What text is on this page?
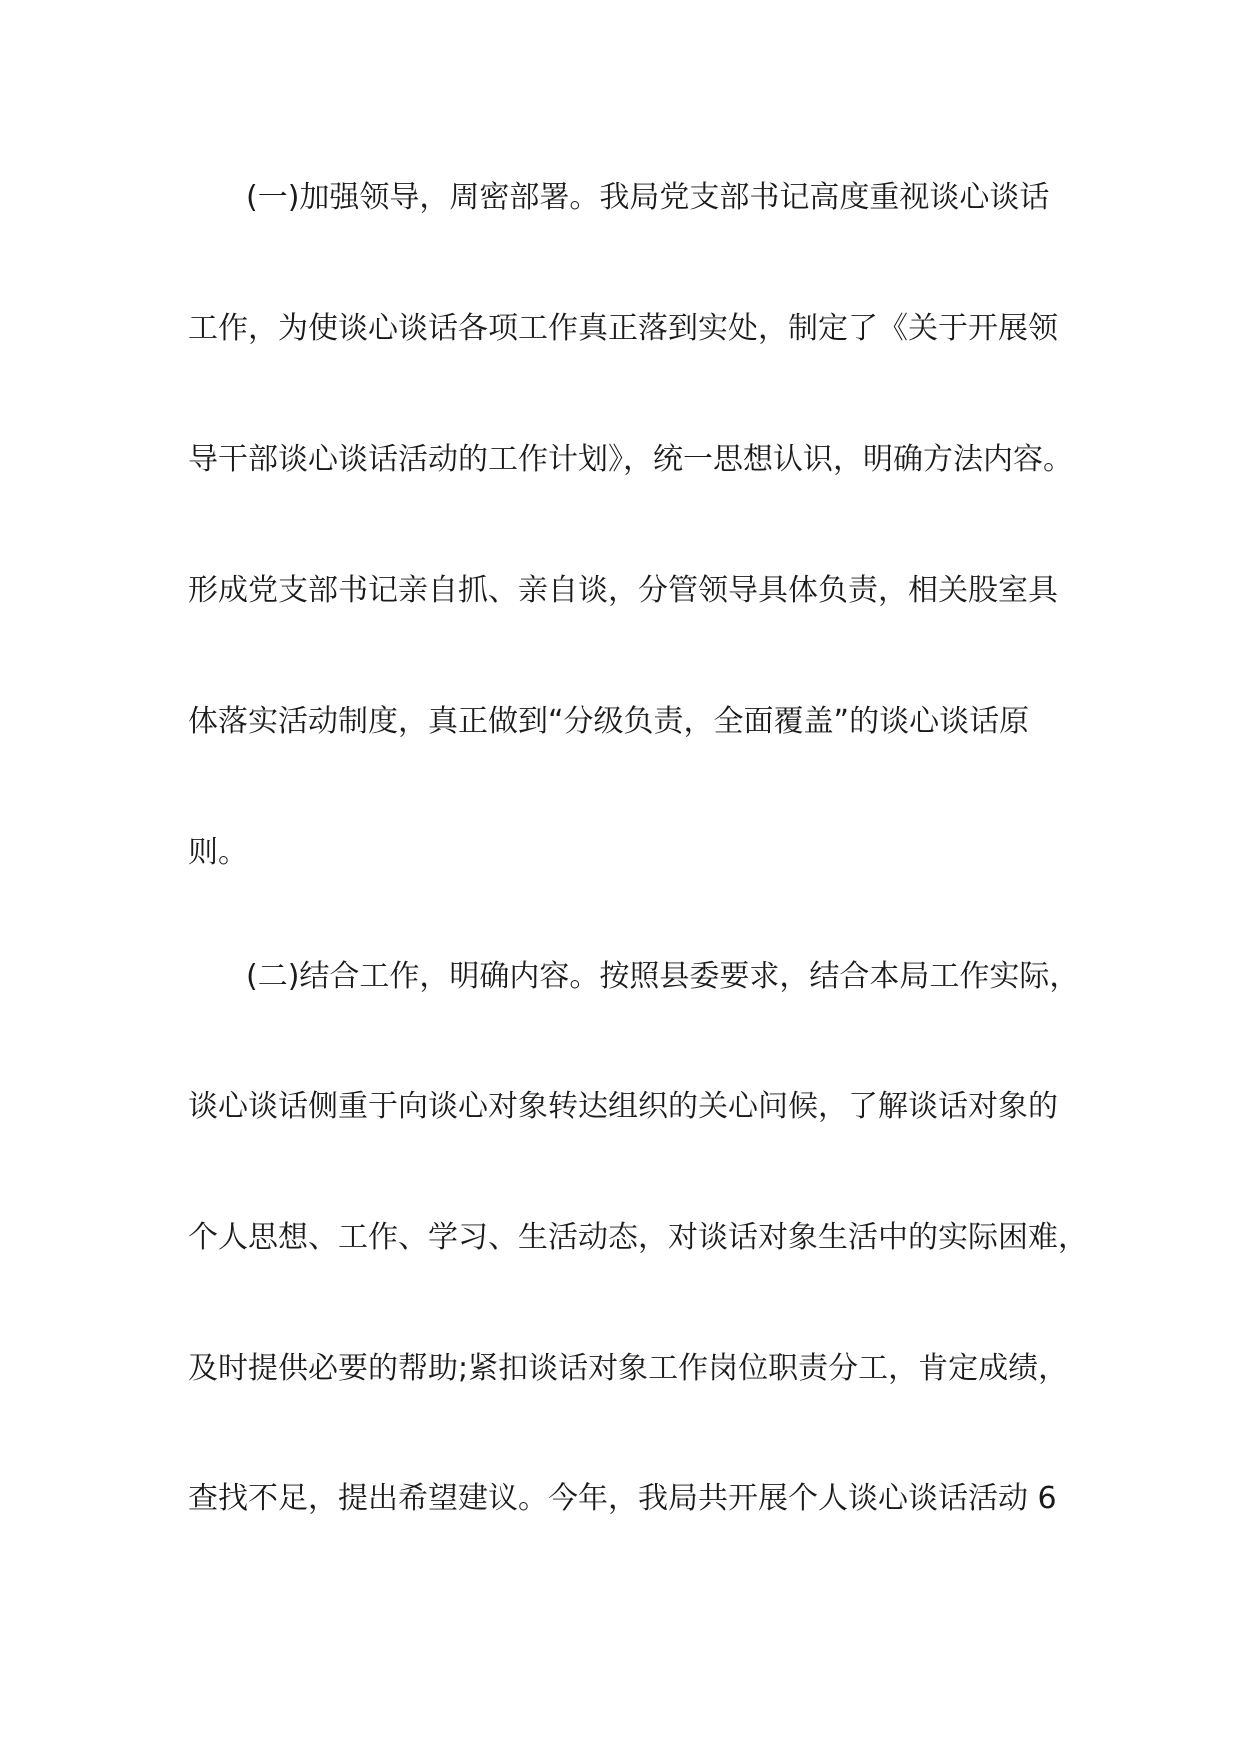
(一)加强领导，周密部署。我局党支部书记高度重视谈心谈话
工作，为使谈心谈话各项工作真正落到实处，制定了《关于开展领
导干部谈心谈话活动的工作计划》，统一思想认识，明确方法内容。
形成党支部书记亲自抓、亲自谈，分管领导具体负责，相关股室具
体落实活动制度，真正做到“分级负责，全面覆盖”的谈心谈话原
则。
(二)结合工作，明确内容。按照县委要求，结合本局工作实际，
谈心谈话侧重于向谈心对象转达组织的关心问候，了解谈话对象的
个人思想、工作、学习、生活动态，对谈话对象生活中的实际困难，
及时提供必要的帮助;紧扣谈话对象工作岗位职责分工，肯定成绩，
查找不足，提出希望建议。今年，我局共开展个人谈心谈话活动 6
